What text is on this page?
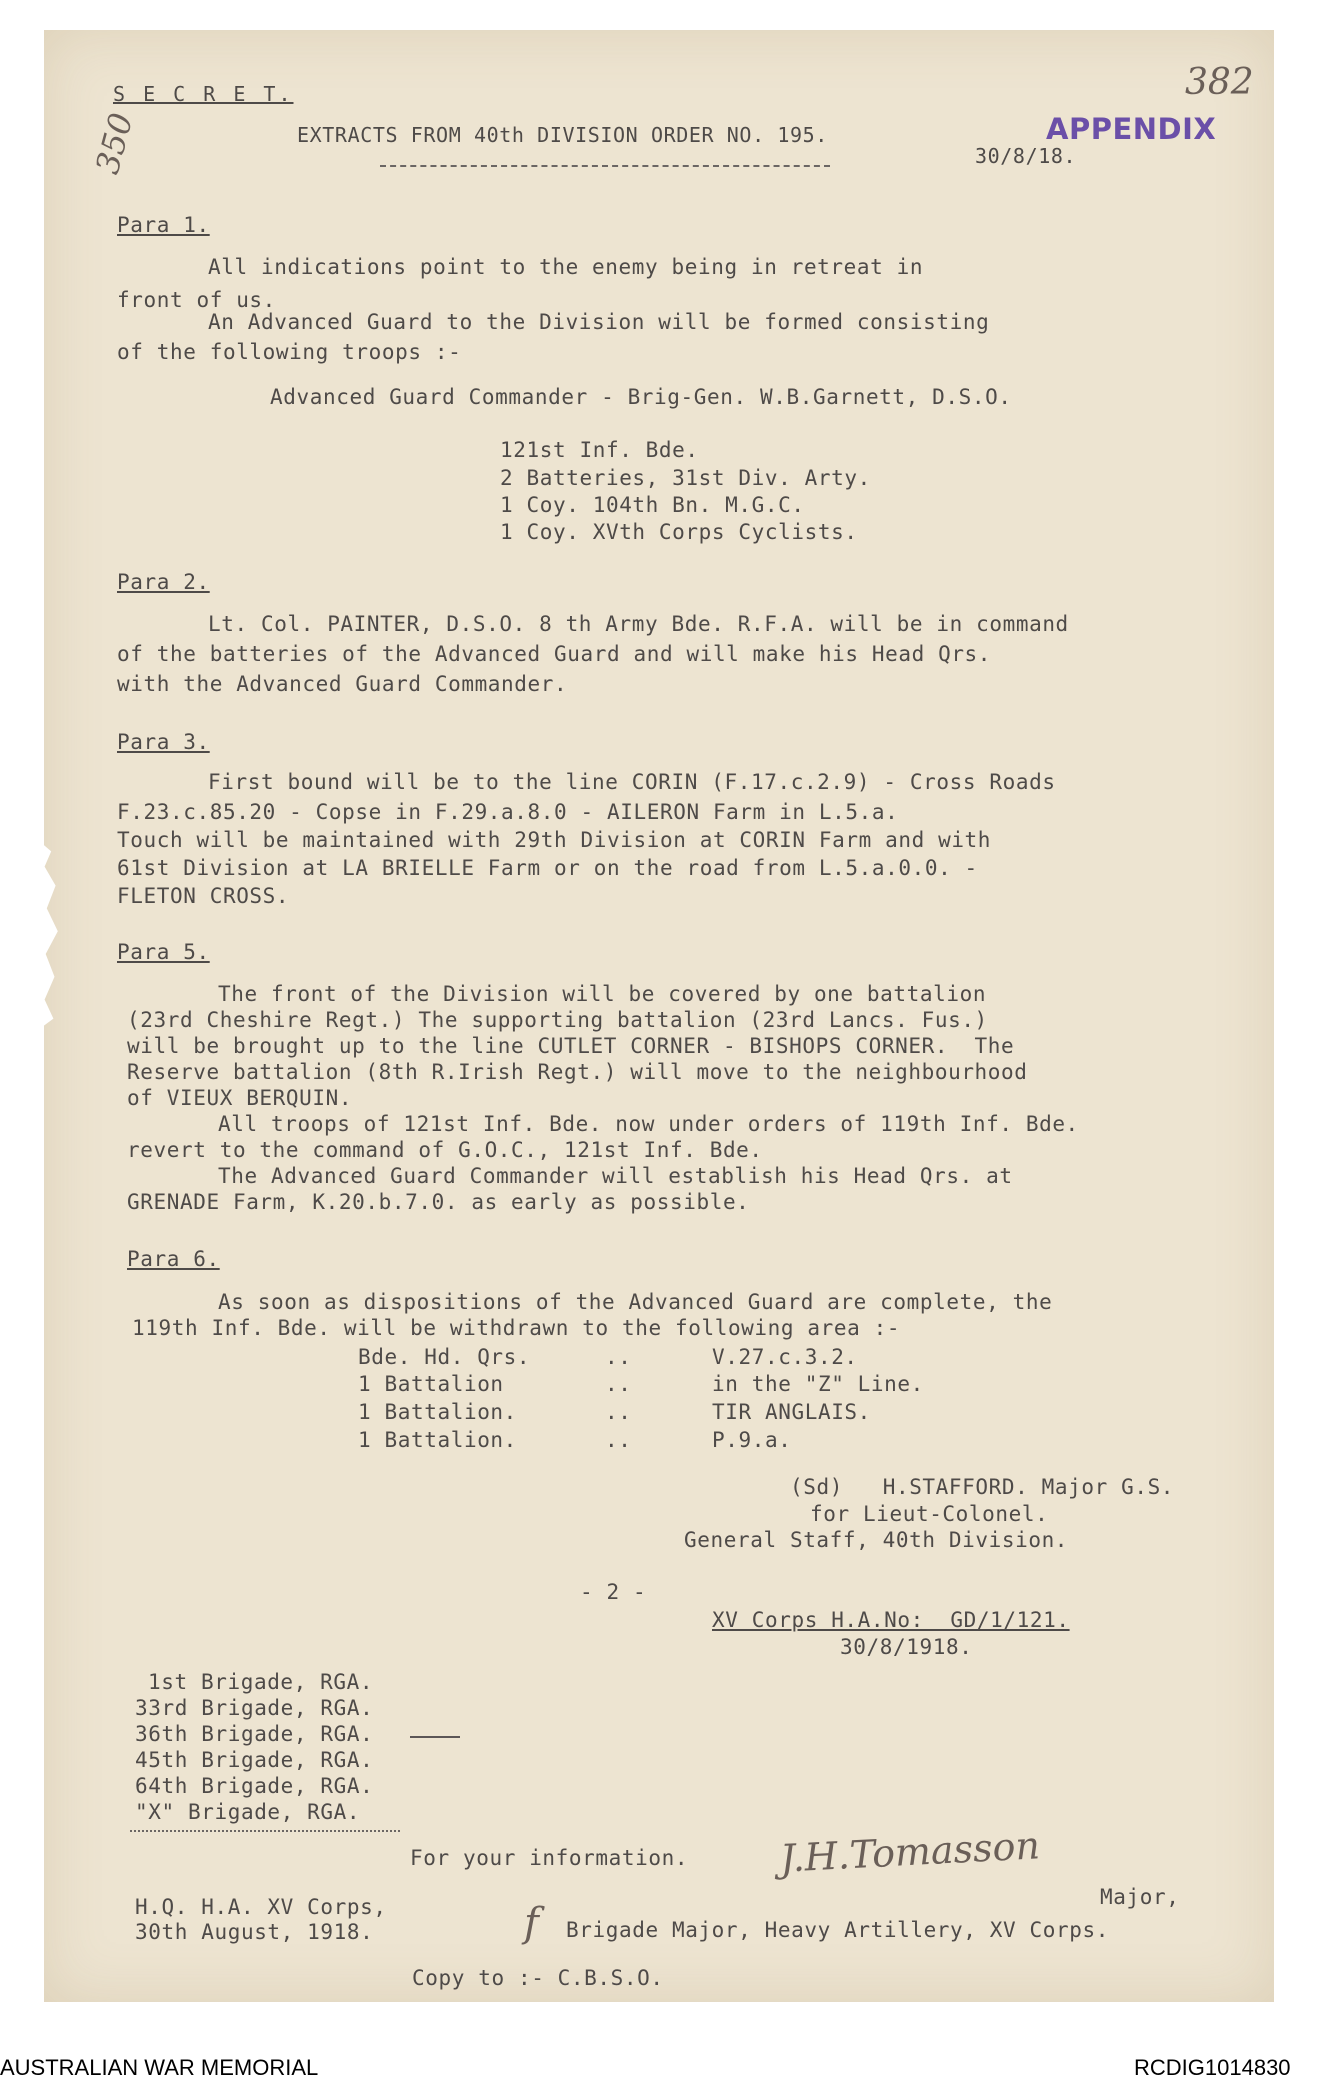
S E C R E T.

EXTRACTS FROM 40th DIVISION ORDER NO. 195.

30/8/18.

APPENDIX

382

350

Para 1.

All indications point to the enemy being in retreat in

front of us.

An Advanced Guard to the Division will be formed consisting

of the following troops :-

Advanced Guard Commander - Brig-Gen. W.B.Garnett, D.S.O.

121st Inf. Bde.

2 Batteries, 31st Div. Arty.

1 Coy. 104th Bn. M.G.C.

1 Coy. XVth Corps Cyclists.

Para 2.

Lt. Col. PAINTER, D.S.O. 8 th Army Bde. R.F.A. will be in command

of the batteries of the Advanced Guard and will make his Head Qrs.

with the Advanced Guard Commander.

Para 3.

First bound will be to the line CORIN (F.17.c.2.9) - Cross Roads

F.23.c.85.20 - Copse in F.29.a.8.0 - AILERON Farm in L.5.a.

Touch will be maintained with 29th Division at CORIN Farm and with

61st Division at LA BRIELLE Farm or on the road from L.5.a.0.0. -

FLETON CROSS.

Para 5.

The front of the Division will be covered by one battalion

(23rd Cheshire Regt.) The supporting battalion (23rd Lancs. Fus.)

will be brought up to the line CUTLET CORNER - BISHOPS CORNER.  The

Reserve battalion (8th R.Irish Regt.) will move to the neighbourhood

of VIEUX BERQUIN.

All troops of 121st Inf. Bde. now under orders of 119th Inf. Bde.

revert to the command of G.O.C., 121st Inf. Bde.

The Advanced Guard Commander will establish his Head Qrs. at

GRENADE Farm, K.20.b.7.0. as early as possible.

Para 6.

As soon as dispositions of the Advanced Guard are complete, the

119th Inf. Bde. will be withdrawn to the following area :-

Bde. Hd. Qrs.	..	V.27.c.3.2.

1 Battalion	..	in the "Z" Line.

1 Battalion.	..	TIR ANGLAIS.

1 Battalion.	..	P.9.a.

(Sd)   H.STAFFORD. Major G.S.

for Lieut-Colonel.

General Staff, 40th Division.

- 2 -

XV Corps H.A.No:  GD/1/121.

30/8/1918.

1st Brigade, RGA.

33rd Brigade, RGA.

36th Brigade, RGA.

45th Brigade, RGA.

64th Brigade, RGA.

"X" Brigade, RGA.

For your information. J.H.Tomasson

Major,

H.Q. H.A. XV Corps,

30th August, 1918.	f Brigade Major, Heavy Artillery, XV Corps.

Copy to :- C.B.S.O.

AUSTRALIAN WAR MEMORIAL	RCDIG1014830
